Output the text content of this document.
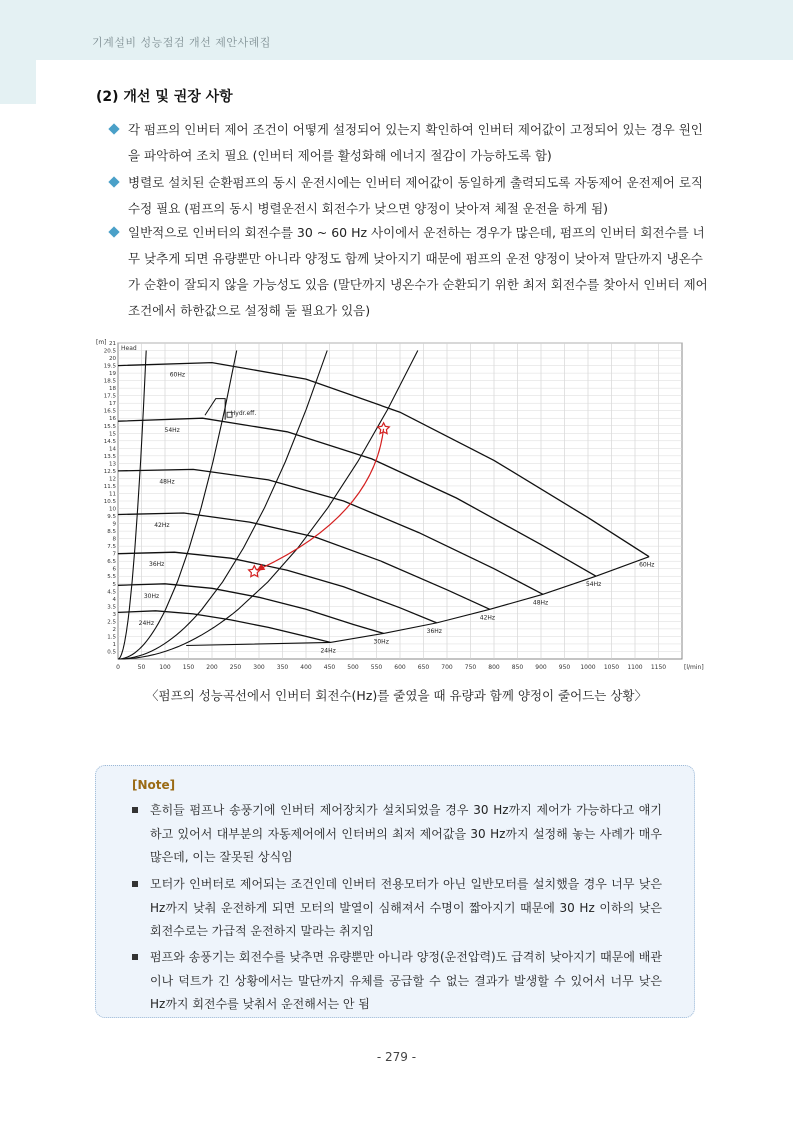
기계설비 성능점검 개선 제안사례집
(2) 개선 및 권장 사항
각 펌프의 인버터 제어 조건이 어떻게 설정되어 있는지 확인하여 인버터 제어값이 고정되어 있는 경우 원인을 파악하여 조치 필요 (인버터 제어를 활성화해 에너지 절감이 가능하도록 함)
병렬로 설치된 순환펌프의 동시 운전시에는 인버터 제어값이 동일하게 출력되도록 자동제어 운전제어 로직 수정 필요 (펌프의 동시 병렬운전시 회전수가 낮으면 양정이 낮아져 체절 운전을 하게 됨)
일반적으로 인버터의 회전수를 30 ~ 60 Hz 사이에서 운전하는 경우가 많은데, 펌프의 인버터 회전수를 너무 낮추게 되면 유량뿐만 아니라 양정도 함께 낮아지기 때문에 펌프의 운전 양정이 낮아져 말단까지 냉온수가 순환이 잘되지 않을 가능성도 있음 (말단까지 냉온수가 순환되기 위한 최저 회전수를 찾아서 인버터 제어조건에서 하한값으로 설정해 둘 필요가 있음)
0	50 100 150 200 250 300 350 400 450 500 550 600 650 700 750 800 850 900 950 1000 1050 1100 1150
0.5
1
1.5
2
2.5
3
3.5
4
4.5
5
5.5
6
6.5
7
7.5
8
8.5
9
9.5
10
10.5
11
11.5
12
12.5
13
13.5
14
14.5
15
15.5
16
16.5
17
17.5
18
18.5
19
19.5
20
20.5
21
[m]
Head
[l/min]
60Hz
60Hz
54Hz
54Hz
48Hz
48Hz
42Hz
42Hz
36Hz
36Hz
30Hz
30Hz
24Hz
24Hz
Hydr.eff.
〈펌프의 성능곡선에서 인버터 회전수(Hz)를 줄였을 때 유량과 함께 양정이 줄어드는 상황〉
[Note]
흔히들 펌프나 송풍기에 인버터 제어장치가 설치되었을 경우 30 Hz까지 제어가 가능하다고 얘기하고 있어서 대부분의 자동제어에서 인터버의 최저 제어값을 30 Hz까지 설정해 놓는 사례가 매우 많은데, 이는 잘못된 상식임
모터가 인버터로 제어되는 조건인데 인버터 전용모터가 아닌 일반모터를 설치했을 경우 너무 낮은 Hz까지 낮춰 운전하게 되면 모터의 발열이 심해져서 수명이 짧아지기 때문에 30 Hz 이하의 낮은 회전수로는 가급적 운전하지 말라는 취지임
펌프와 송풍기는 회전수를 낮추면 유량뿐만 아니라 양정(운전압력)도 급격히 낮아지기 때문에 배관이나 덕트가 긴 상황에서는 말단까지 유체를 공급할 수 없는 결과가 발생할 수 있어서 너무 낮은 Hz까지 회전수를 낮춰서 운전해서는 안 됨
- 279 -
